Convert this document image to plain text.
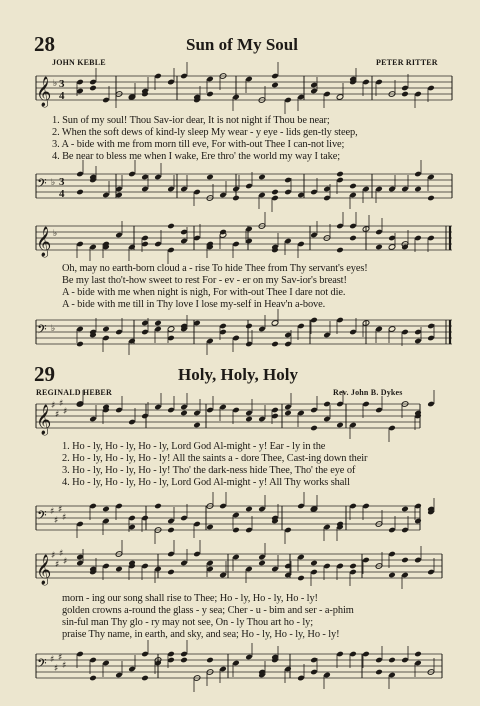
28	Sun of My Soul
JOHN KEBLE	PETER RITTER
𝄞 ♭ 3
4
1. Sun of my soul! Thou Sav-ior dear, It is not night if Thou be near;
2. When the soft dews of kind-ly sleep My wear - y eye - lids gen-tly steep,
3. A - bide with me from morn till eve, For with-out Thee I can-not live;
4. Be near to bless me when I wake, Ere thro' the world my way I take;
𝄢 ♭ 3
4
𝄞 ♭
Oh, may no earth-born cloud a - rise To hide Thee from Thy servant's eyes!
Be my last tho't-how sweet to rest For - ev - er on my Sav-ior's breast!
A - bide with me when night is nigh, For with-out Thee I dare not die.
A - bide with me till in Thy love I lose my-self in Heav'n a-bove.
𝄢 ♭
29	Holy, Holy, Holy
REGINALD HEBER	Rev. John B. Dykes
𝄞 ♯
♯
♯
♯
1. Ho - ly, Ho - ly, Ho - ly, Lord God Al-might - y! Ear - ly in the
2. Ho - ly, Ho - ly, Ho - ly! All the saints a - dore Thee, Cast-ing down their
3. Ho - ly, Ho - ly, Ho - ly! Tho' the dark-ness hide Thee, Tho' the eye of
4. Ho - ly, Ho - ly, Ho - ly, Lord God Al-might - y! All Thy works shall
𝄢 ♯
♯
♯
♯
𝄞 ♯
♯
♯
♯
morn - ing our song shall rise to Thee; Ho - ly, Ho - ly, Ho - ly!
golden crowns a-round the glass - y sea; Cher - u - bim and ser - a-phim
sin-ful man Thy glo - ry may not see, On - ly Thou art ho - ly;
praise Thy name, in earth, and sky, and sea; Ho - ly, Ho - ly, Ho - ly!
𝄢 ♯
♯
♯
♯
